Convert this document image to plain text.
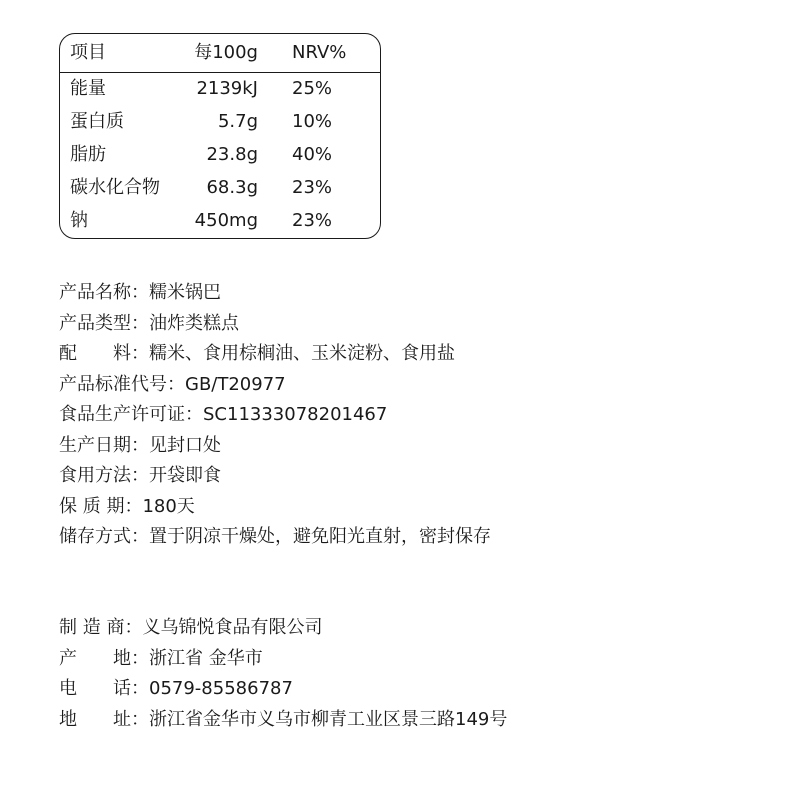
项目	每100g NRV%
能量	2139kJ 25%
蛋白质	5.7g 10%
脂肪	23.8g 40%
碳水化合物	68.3g 23%
钠	450mg 23%
产品名称：糯米锅巴
产品类型：油炸类糕点
配　　料：糯米、食用棕榈油、玉米淀粉、食用盐
产品标准代号：GB/T20977
食品生产许可证：SC11333078201467
生产日期：见封口处
食用方法：开袋即食
保 质 期：180天
储存方式：置于阴凉干燥处，避免阳光直射，密封保存
制 造 商：义乌锦悦食品有限公司
产　　地：浙江省 金华市
电　　话：0579-85586787
地　　址：浙江省金华市义乌市柳青工业区景三路149号
